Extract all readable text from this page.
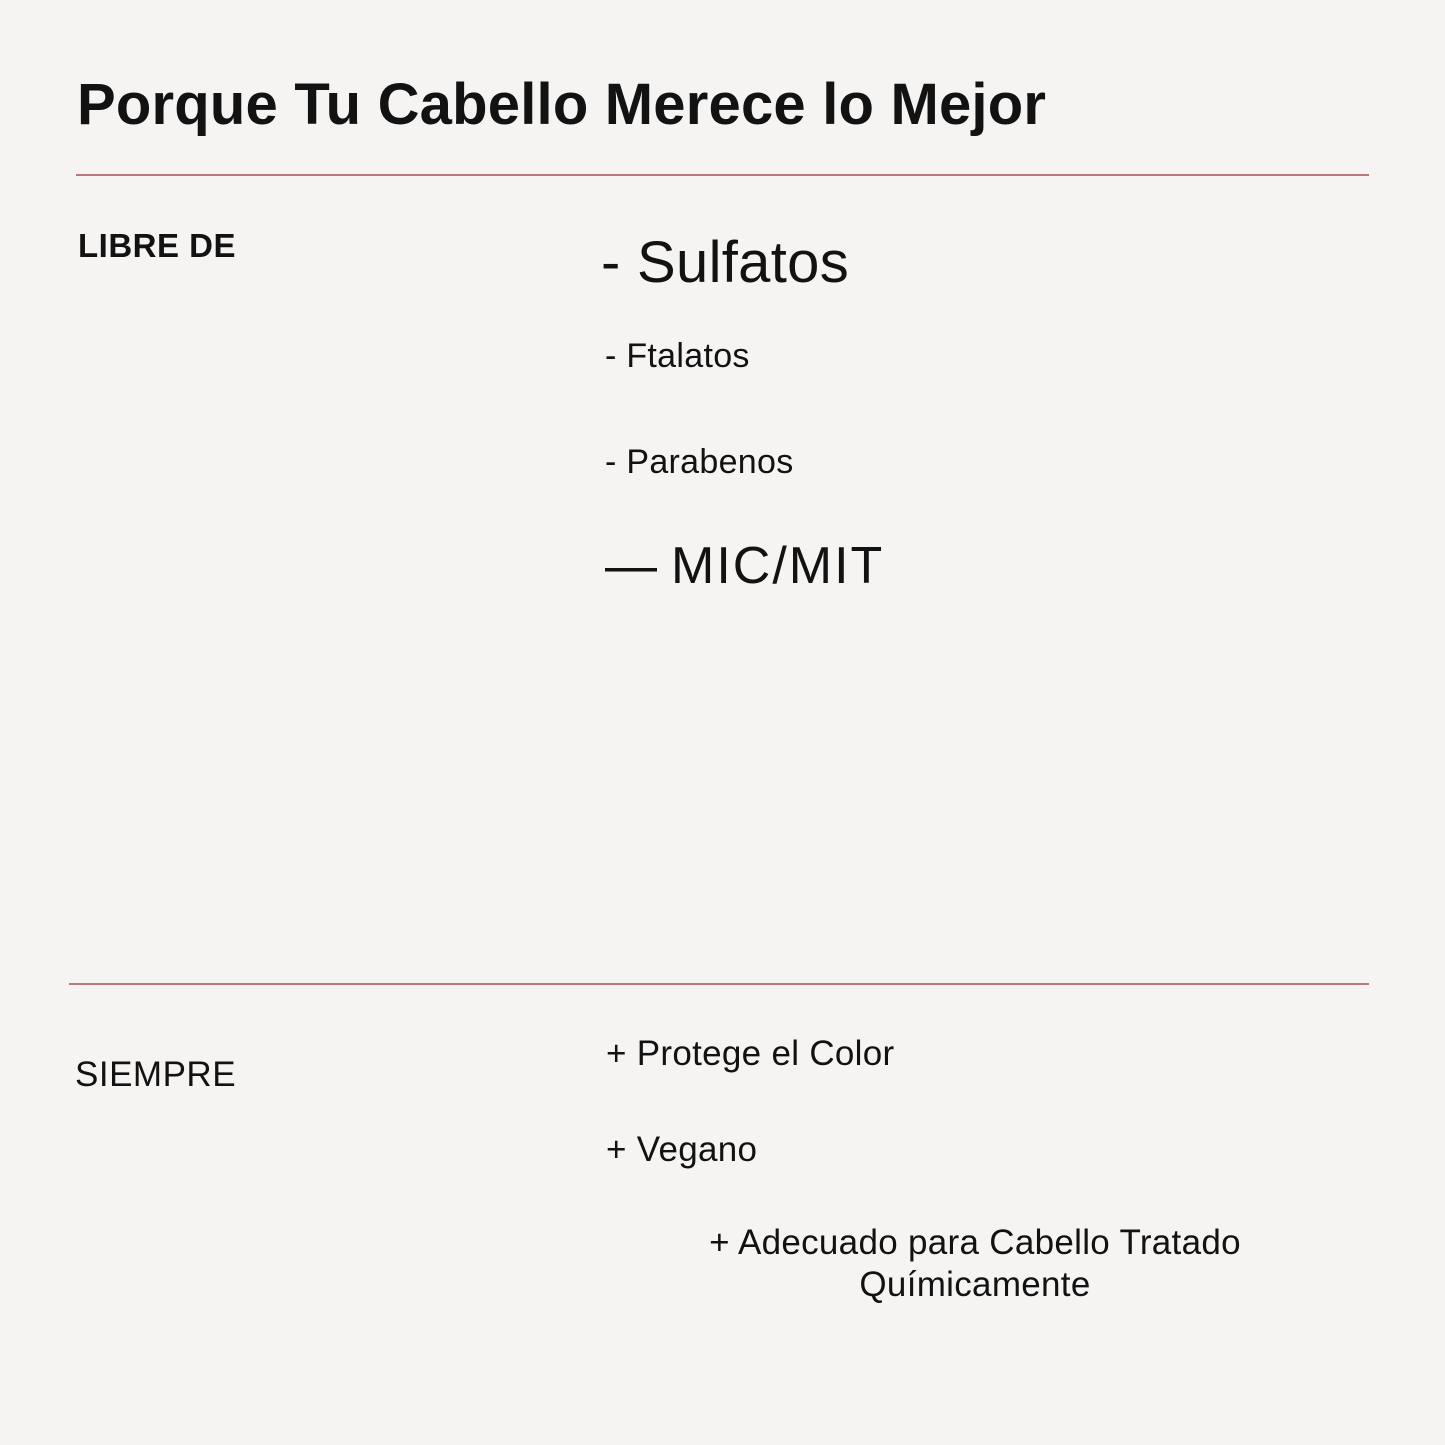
Porque Tu Cabello Merece lo Mejor
LIBRE DE	- Sulfatos
- Ftalatos
- Parabenos
— MIC/MIT
SIEMPRE
+ Protege el Color
+ Vegano
+ Adecuado para Cabello Tratado Químicamente
